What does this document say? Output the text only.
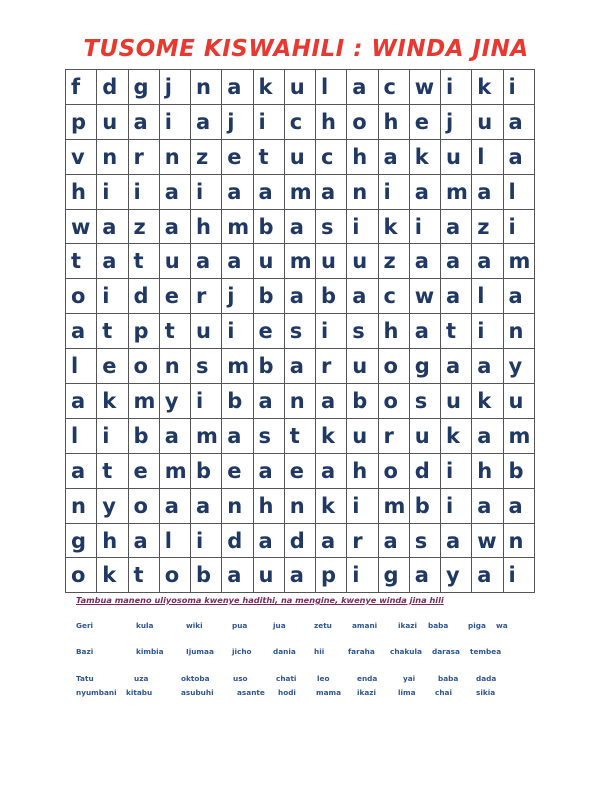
TUSOME KISWAHILI : WINDA JINA
f	d	g	j	n	a	k	u	l	a	c	w	i	k	i
p	u	a	i	a	j	i	c	h	o	h	e	j	u	a
v	n	r	n	z	e	t	u	c	h	a	k	u	l	a
h	i	i	a	i	a	a	m	a	n	i	a	m	a	l
w	a	z	a	h	m	b	a	s	i	k	i	a	z	i
t	a	t	u	a	a	u	m	u	u	z	a	a	a	m
o	i	d	e	r	j	b	a	b	a	c	w	a	l	a
a	t	p	t	u	i	e	s	i	s	h	a	t	i	n
l	e	o	n	s	m	b	a	r	u	o	g	a	a	y
a	k	m	y	i	b	a	n	a	b	o	s	u	k	u
l	i	b	a	m	a	s	t	k	u	r	u	k	a	m
a	t	e	m	b	e	a	e	a	h	o	d	i	h	b
n	y	o	a	a	n	h	n	k	i	m	b	i	a	a
g	h	a	l	i	d	a	d	a	r	a	s	a	w	n
o	k	t	o	b	a	u	a	p	i	g	a	y	a	i

Tambua maneno uliyosoma kwenye hadithi, na mengine, kwenye winda jina hili

Geri	kula	wiki	pua	jua	zetu	amani	ikazi baba	piga wa
Bazi	kimbia	Ijumaa jicho	dania hii	faraha chakula darasa tembea
Tatu	uza	oktoba	uso	chati	leo	enda	yai	baba dada
nyumbani kitabu	asubuhi	asante hodi	mama ikazi	lima	chai	sikia
